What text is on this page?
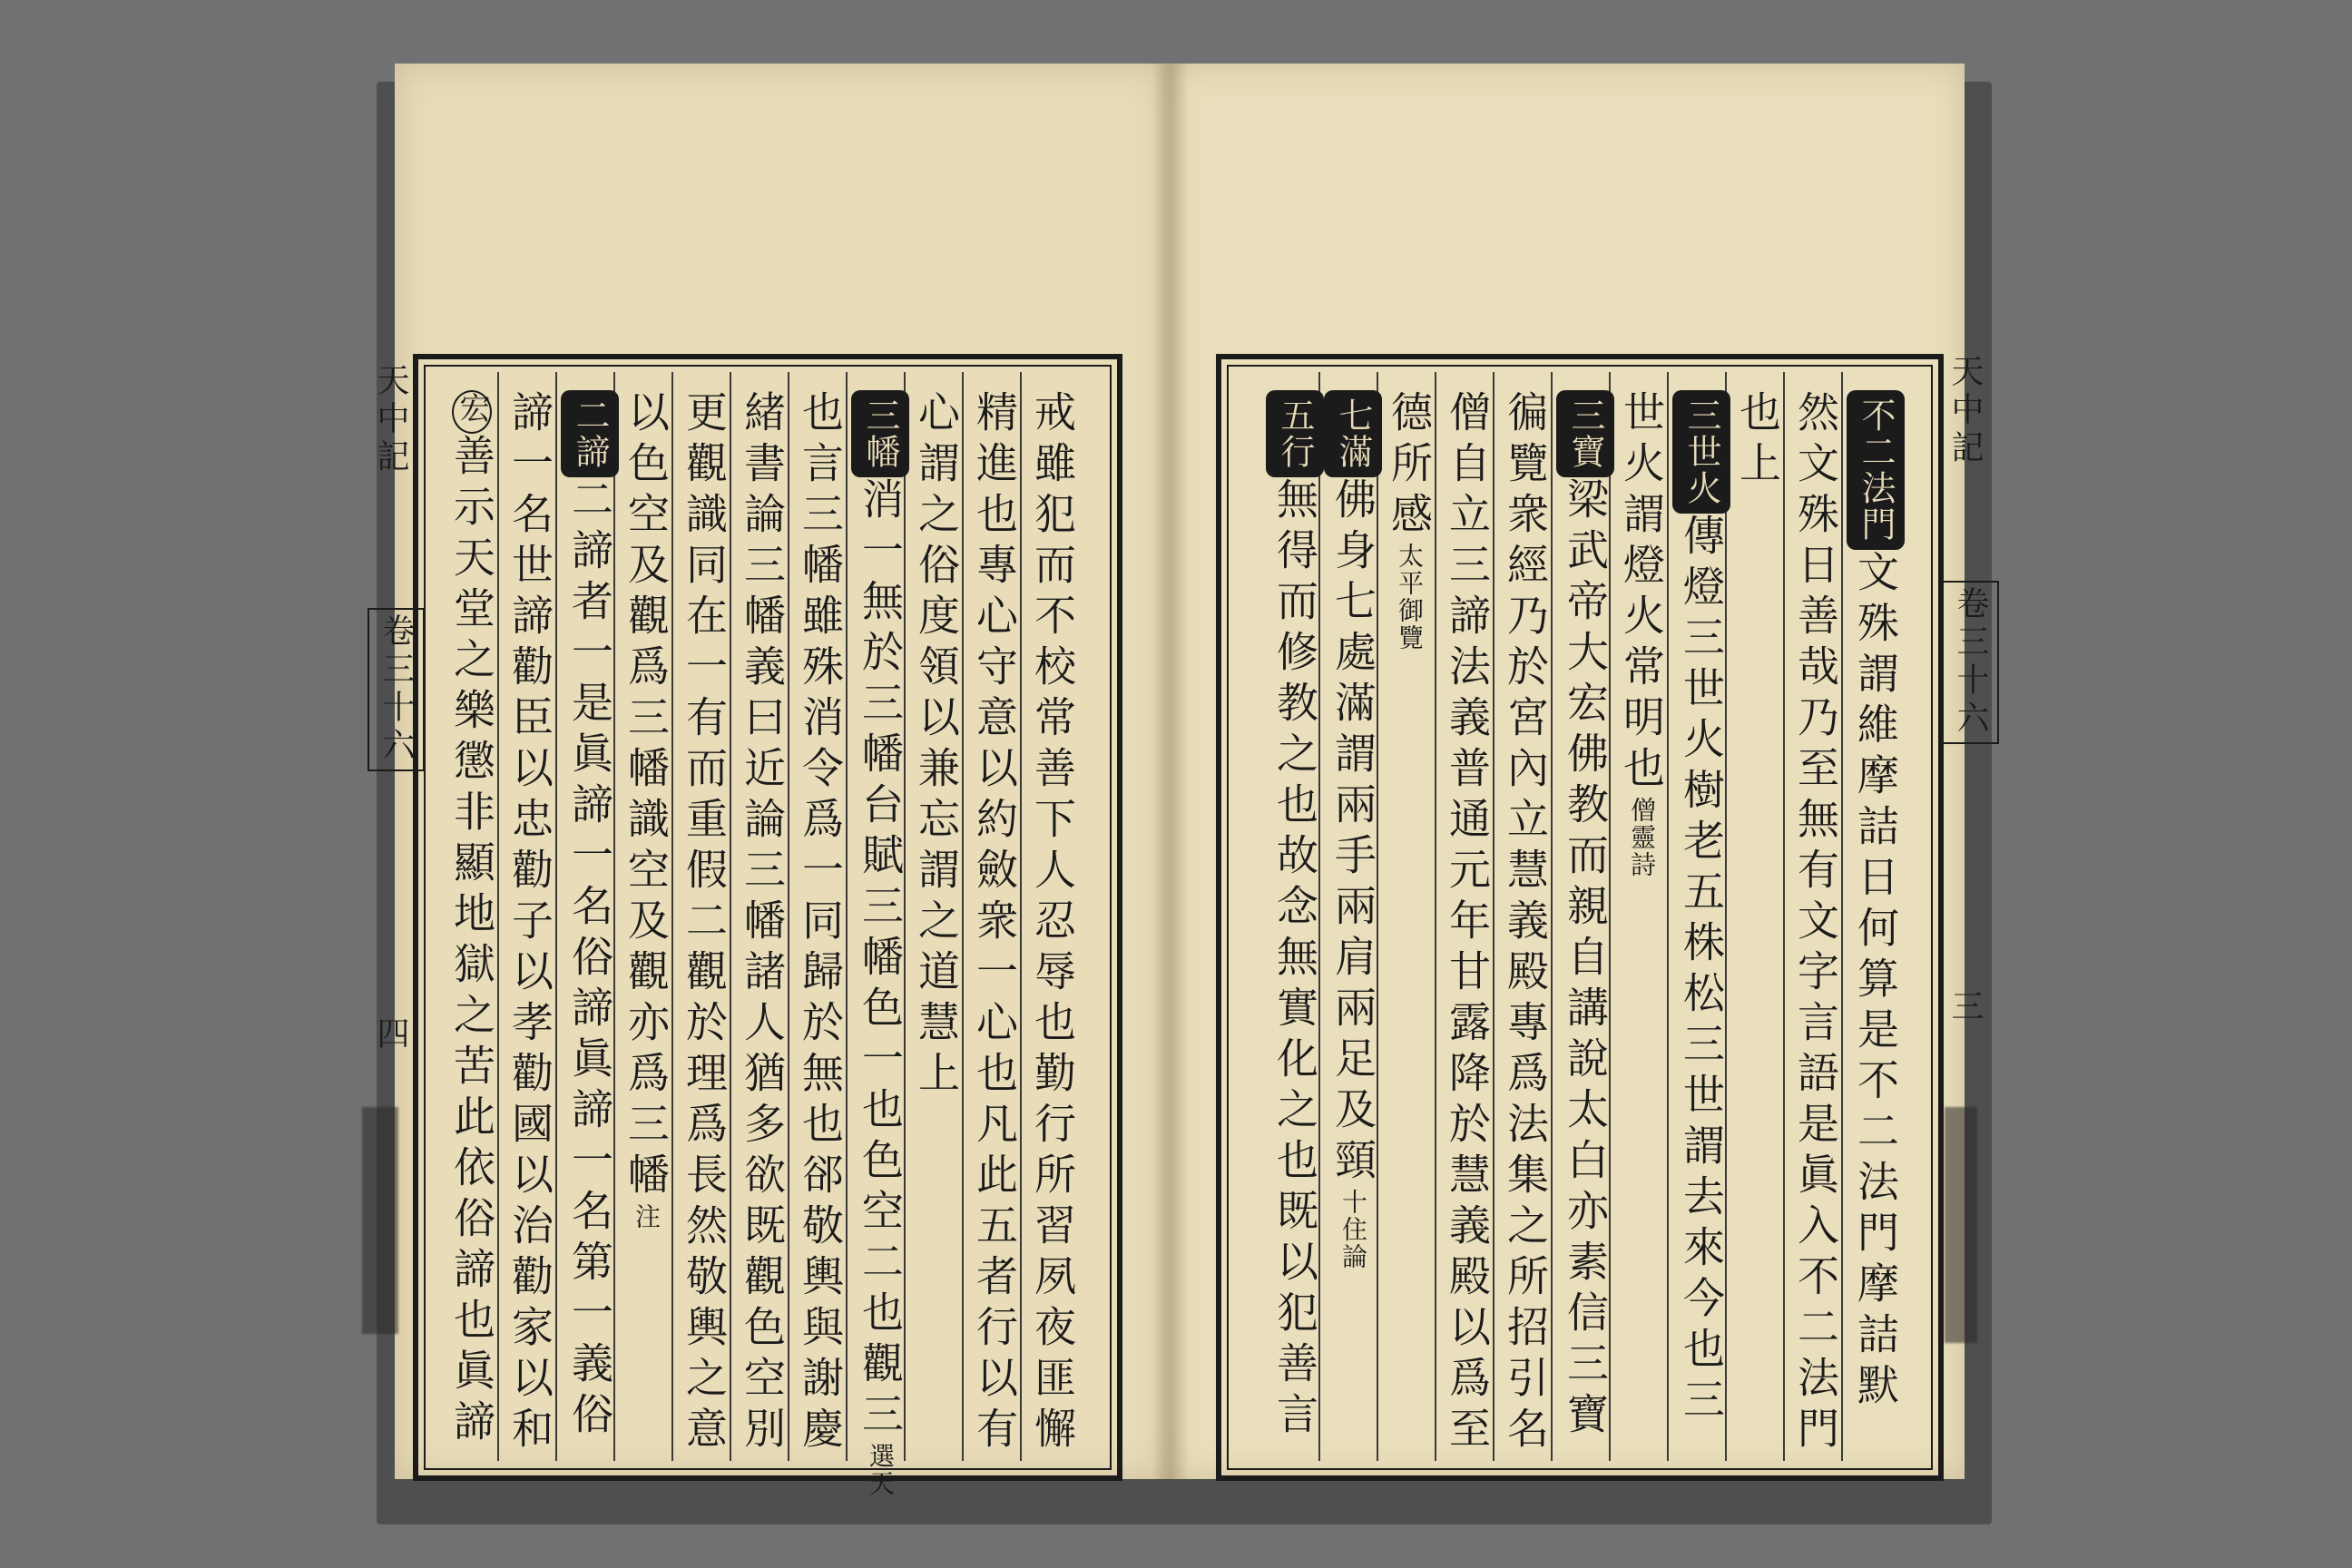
戒雖犯而不校常善下人忍辱也勤行所習夙夜匪懈
精進也專心守意以約斂衆一心也凡此五者行以有
心謂之俗度領以兼忘謂之道慧上
三幡消一無於三幡台賦三幡色一也色空二也觀三選天
也言三幡雖殊消令爲一同歸於無也郤敬輿與謝慶
緒書論三幡義曰近論三幡諸人猶多欲既觀色空別
更觀識同在一有而重假二觀於理爲長然敬輿之意
以色空及觀爲三幡識空及觀亦爲三幡注
二諦二諦者一是眞諦一名俗諦眞諦一名第一義俗
諦一名世諦勸臣以忠勸子以孝勸國以治勸家以和
宏善示天堂之樂懲非顯地獄之苦此依俗諦也眞諦
天中記
卷三十六
四
不二法門文殊謂維摩詰日何算是不二法門摩詰默
然文殊日善哉乃至無有文字言語是眞入不二法門
也上
三世火傳燈三世火樹老五株松三世謂去來今也三
世火謂燈火常明也僧靈詩
三寶梁武帝大宏佛教而親自講說太白亦素信三寶
徧覽衆經乃於宮內立慧義殿專爲法集之所招引名
僧自立三諦法義普通元年甘露降於慧義殿以爲至
德所感太平御覽
七滿佛身七處滿謂兩手兩肩兩足及頸十住論
五行無得而修教之也故念無實化之也既以犯善言
天中記
卷三十六
三
